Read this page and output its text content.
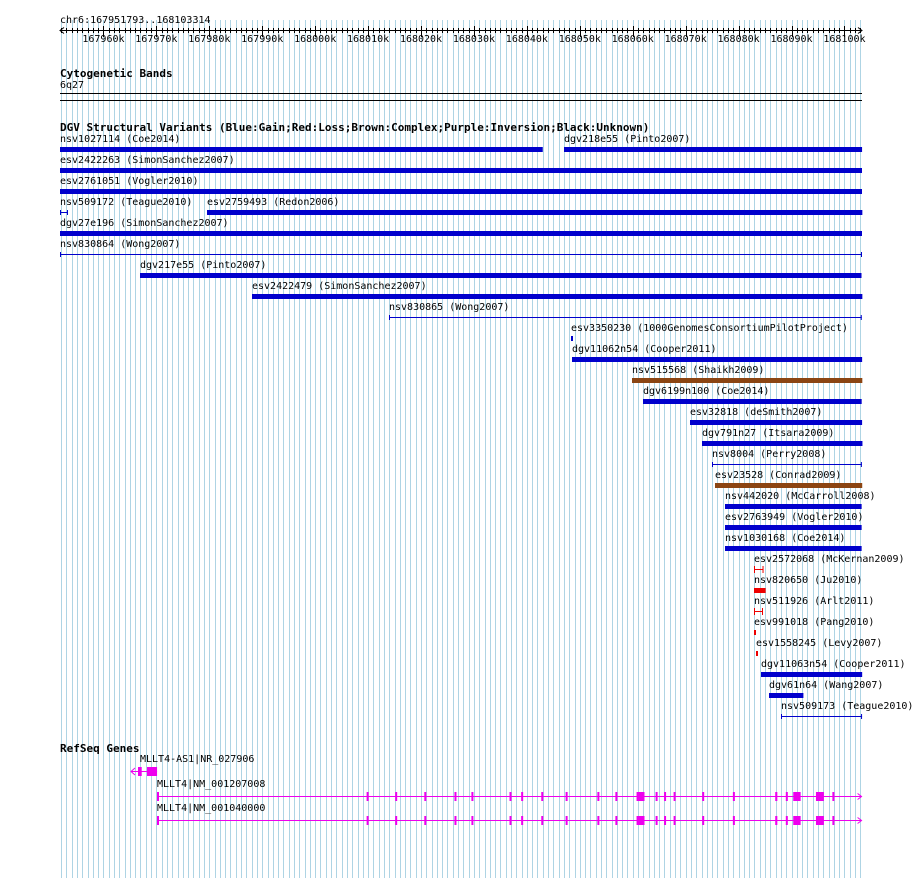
chr6:167951793..168103314
167960k 167970k 167980k 167990k 168000k 168010k 168020k 168030k 168040k 168050k 168060k 168070k 168080k 168090k 168100k
Cytogenetic Bands
6q27
DGV Structural Variants (Blue:Gain;Red:Loss;Brown:Complex;Purple:Inversion;Black:Unknown)
nsv1027114 (Coe2014)	dgv218e55 (Pinto2007)
esv2422263 (SimonSanchez2007)
esv2761051 (Vogler2010)
nsv509172 (Teague2010) esv2759493 (Redon2006)
dgv27e196 (SimonSanchez2007)
nsv830864 (Wong2007)
dgv217e55 (Pinto2007)
esv2422479 (SimonSanchez2007)
nsv830865 (Wong2007)
esv3350230 (1000GenomesConsortiumPilotProject)
dgv11062n54 (Cooper2011)
nsv515568 (Shaikh2009)
dgv6199n100 (Coe2014)
esv32818 (deSmith2007)
dgv791n27 (Itsara2009)
nsv8004 (Perry2008)
esv23528 (Conrad2009)
nsv442020 (McCarroll2008)
esv2763949 (Vogler2010)
nsv1030168 (Coe2014)
esv2572068 (McKernan2009)
nsv820650 (Ju2010)
nsv511926 (Arlt2011)
esv991018 (Pang2010)
esv1558245 (Levy2007)
dgv11063n54 (Cooper2011)
dgv61n64 (Wang2007)
nsv509173 (Teague2010)
RefSeq Genes
MLLT4-AS1|NR_027906
MLLT4|NM_001207008
MLLT4|NM_001040000
